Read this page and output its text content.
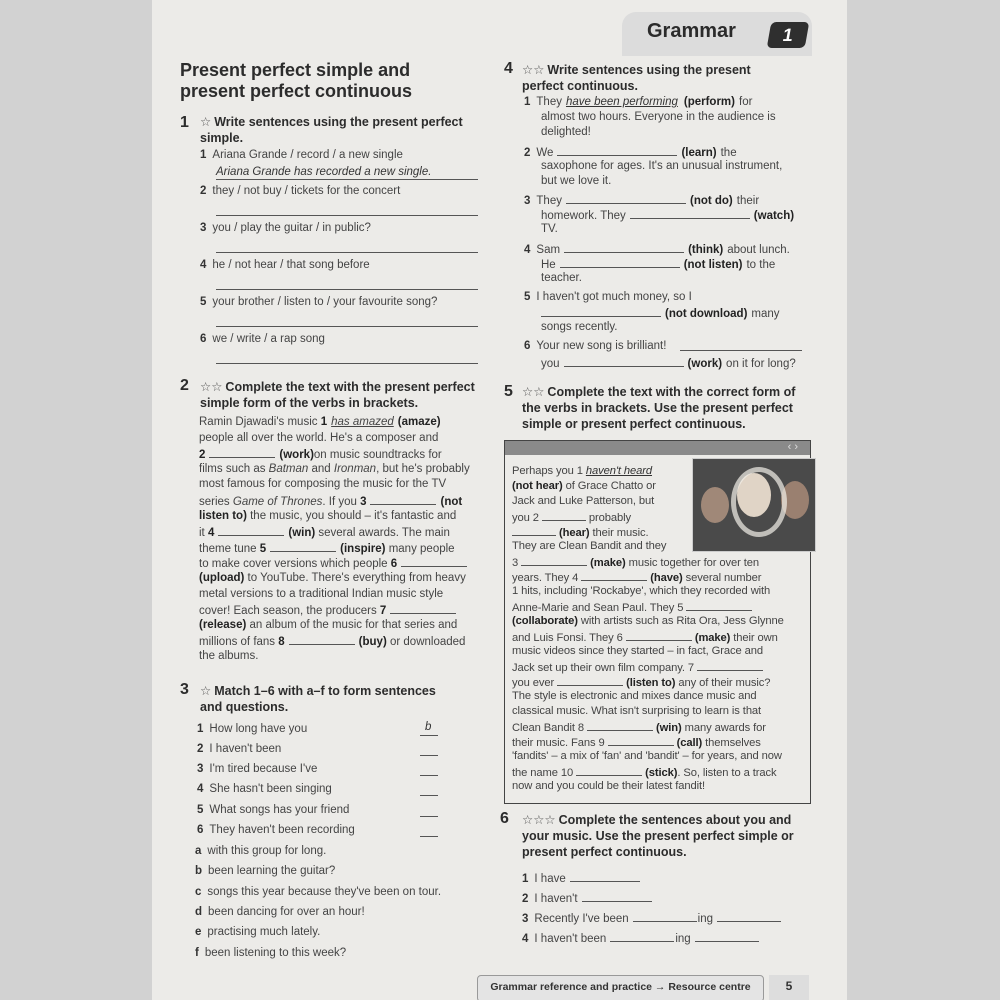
Grammar	1
Present perfect simple and present perfect continuous
1 ☆ Write sentences using the present perfect simple.
2 ☆☆ Complete the text with the present perfect simple form of the verbs in brackets.
3 ☆ Match 1–6 with a–f to form sentences and questions.
4 ☆☆ Write sentences using the present perfect continuous.
5 ☆☆ Complete the text with the correct form of the verbs in brackets. Use the present perfect simple or present perfect continuous.
‹ ›
6 ☆☆☆ Complete the sentences about you and your music. Use the present perfect simple or present perfect continuous.
Grammar reference and practice → Resource centre	5
1 Ariana Grande / record / a new single
Ariana Grande has recorded a new single.
2 they / not buy / tickets for the concert
3 you / play the guitar / in public?
4 he / not hear / that song before
5 your brother / listen to / your favourite song?
6 we / write / a rap song
Ramin Djawadi's music 1 has amazed (amaze)
people all over the world. He's a composer and
2	(work)on music soundtracks for
films such as Batman and Ironman, but he's probably
most famous for composing the music for the TV
series Game of Thrones. If you 3	(not
listen to) the music, you should – it's fantastic and
it 4	(win) several awards. The main
theme tune 5	(inspire) many people
to make cover versions which people 6
(upload) to YouTube. There's everything from heavy
metal versions to a traditional Indian music style
cover! Each season, the producers 7
(release) an album of the music for that series and
millions of fans 8	(buy) or downloaded
the albums.
1 How long have you	b
2 I haven't been
3 I'm tired because I've
4 She hasn't been singing
5 What songs has your friend
6 They haven't been recording
a with this group for long.
b been learning the guitar?
c songs this year because they've been on tour.
d been dancing for over an hour!
e practising much lately.
f been listening to this week?
1 They have been performing (perform) for
almost two hours. Everyone in the audience is
delighted!
2 We	(learn) the
saxophone for ages. It's an unusual instrument,
but we love it.
3 They	(not do) their
homework. They	(watch)
TV.
4 Sam	(think) about lunch.
He	(not listen) to the
teacher.
5 I haven't got much money, so I
(not download) many
songs recently.
6 Your new song is brilliant!
you	(work) on it for long?
Perhaps you 1 haven't heard
(not hear) of Grace Chatto or
Jack and Luke Patterson, but
you 2	probably
(hear) their music.
They are Clean Bandit and they
3	(make) music together for over ten
years. They 4	(have) several number
1 hits, including 'Rockabye', which they recorded with
Anne-Marie and Sean Paul. They 5
(collaborate) with artists such as Rita Ora, Jess Glynne
and Luis Fonsi. They 6	(make) their own
music videos since they started – in fact, Grace and
Jack set up their own film company. 7
you ever	(listen to) any of their music?
The style is electronic and mixes dance music and
classical music. What isn't surprising to learn is that
Clean Bandit 8	(win) many awards for
their music. Fans 9	(call) themselves
'fandits' – a mix of 'fan' and 'bandit' – for years, and now
the name 10	(stick). So, listen to a track
now and you could be their latest fandit!
1 I have
2 I haven't
3 Recently I've been	ing
4 I haven't been	ing
